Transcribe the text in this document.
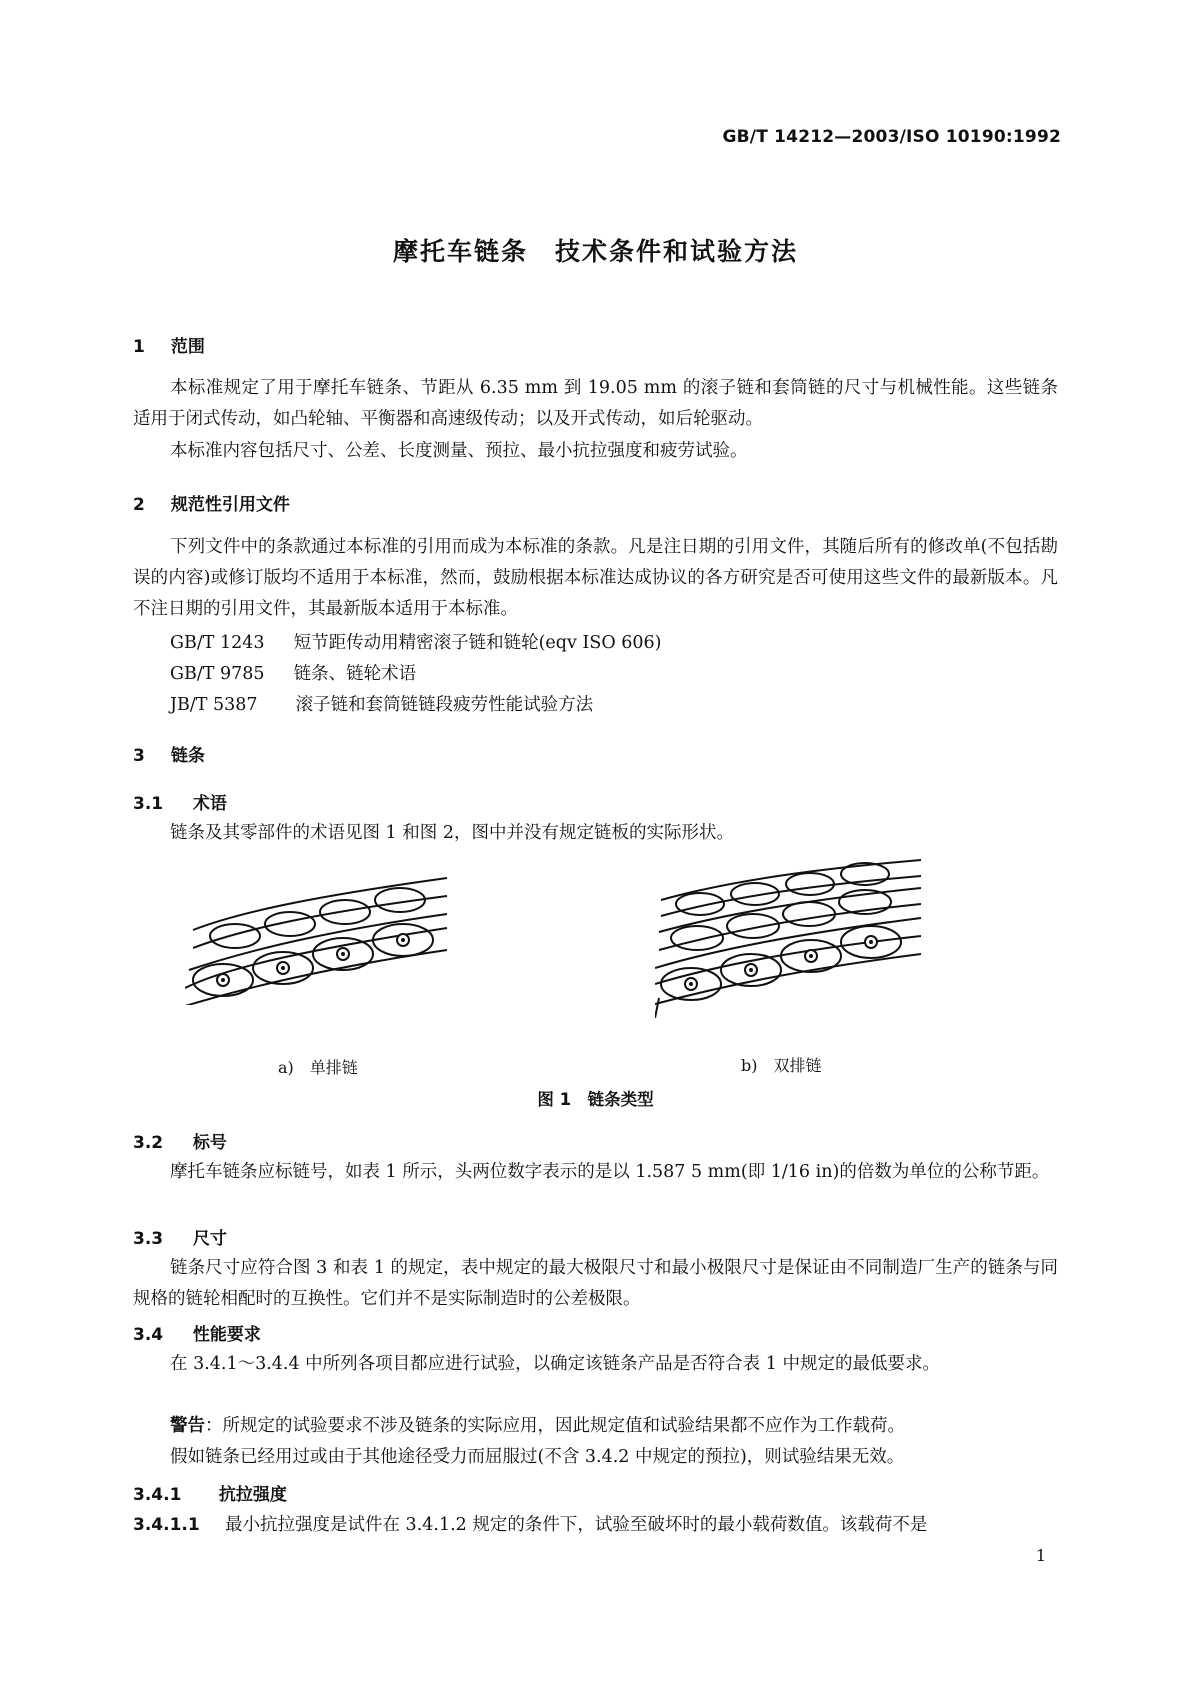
GB/T 14212—2003/ISO 10190:1992
摩托车链条　技术条件和试验方法
1 范围
本标准规定了用于摩托车链条、节距从 6.35 mm 到 19.05 mm 的滚子链和套筒链的尺寸与机械性能。这些链条适用于闭式传动，如凸轮轴、平衡器和高速级传动；以及开式传动，如后轮驱动。
本标准内容包括尺寸、公差、长度测量、预拉、最小抗拉强度和疲劳试验。
2 规范性引用文件
下列文件中的条款通过本标准的引用而成为本标准的条款。凡是注日期的引用文件，其随后所有的修改单(不包括勘误的内容)或修订版均不适用于本标准，然而，鼓励根据本标准达成协议的各方研究是否可使用这些文件的最新版本。凡不注日期的引用文件，其最新版本适用于本标准。
GB/T 1243 短节距传动用精密滚子链和链轮(eqv ISO 606)
GB/T 9785 链条、链轮术语
JB/T 5387 滚子链和套筒链链段疲劳性能试验方法
3 链条
3.1 术语
链条及其零部件的术语见图 1 和图 2，图中并没有规定链板的实际形状。
a)　单排链	b)　双排链
图 1　链条类型
3.2 标号
摩托车链条应标链号，如表 1 所示，头两位数字表示的是以 1.587 5 mm(即 1/16 in)的倍数为单位的公称节距。
3.3 尺寸
链条尺寸应符合图 3 和表 1 的规定，表中规定的最大极限尺寸和最小极限尺寸是保证由不同制造厂生产的链条与同规格的链轮相配时的互换性。它们并不是实际制造时的公差极限。
3.4 性能要求
在 3.4.1～3.4.4 中所列各项目都应进行试验，以确定该链条产品是否符合表 1 中规定的最低要求。
警告：所规定的试验要求不涉及链条的实际应用，因此规定值和试验结果都不应作为工作载荷。
假如链条已经用过或由于其他途径受力而屈服过(不含 3.4.2 中规定的预拉)，则试验结果无效。
3.4.1 抗拉强度
3.4.1.1 最小抗拉强度是试件在 3.4.1.2 规定的条件下，试验至破坏时的最小载荷数值。该载荷不是
1
